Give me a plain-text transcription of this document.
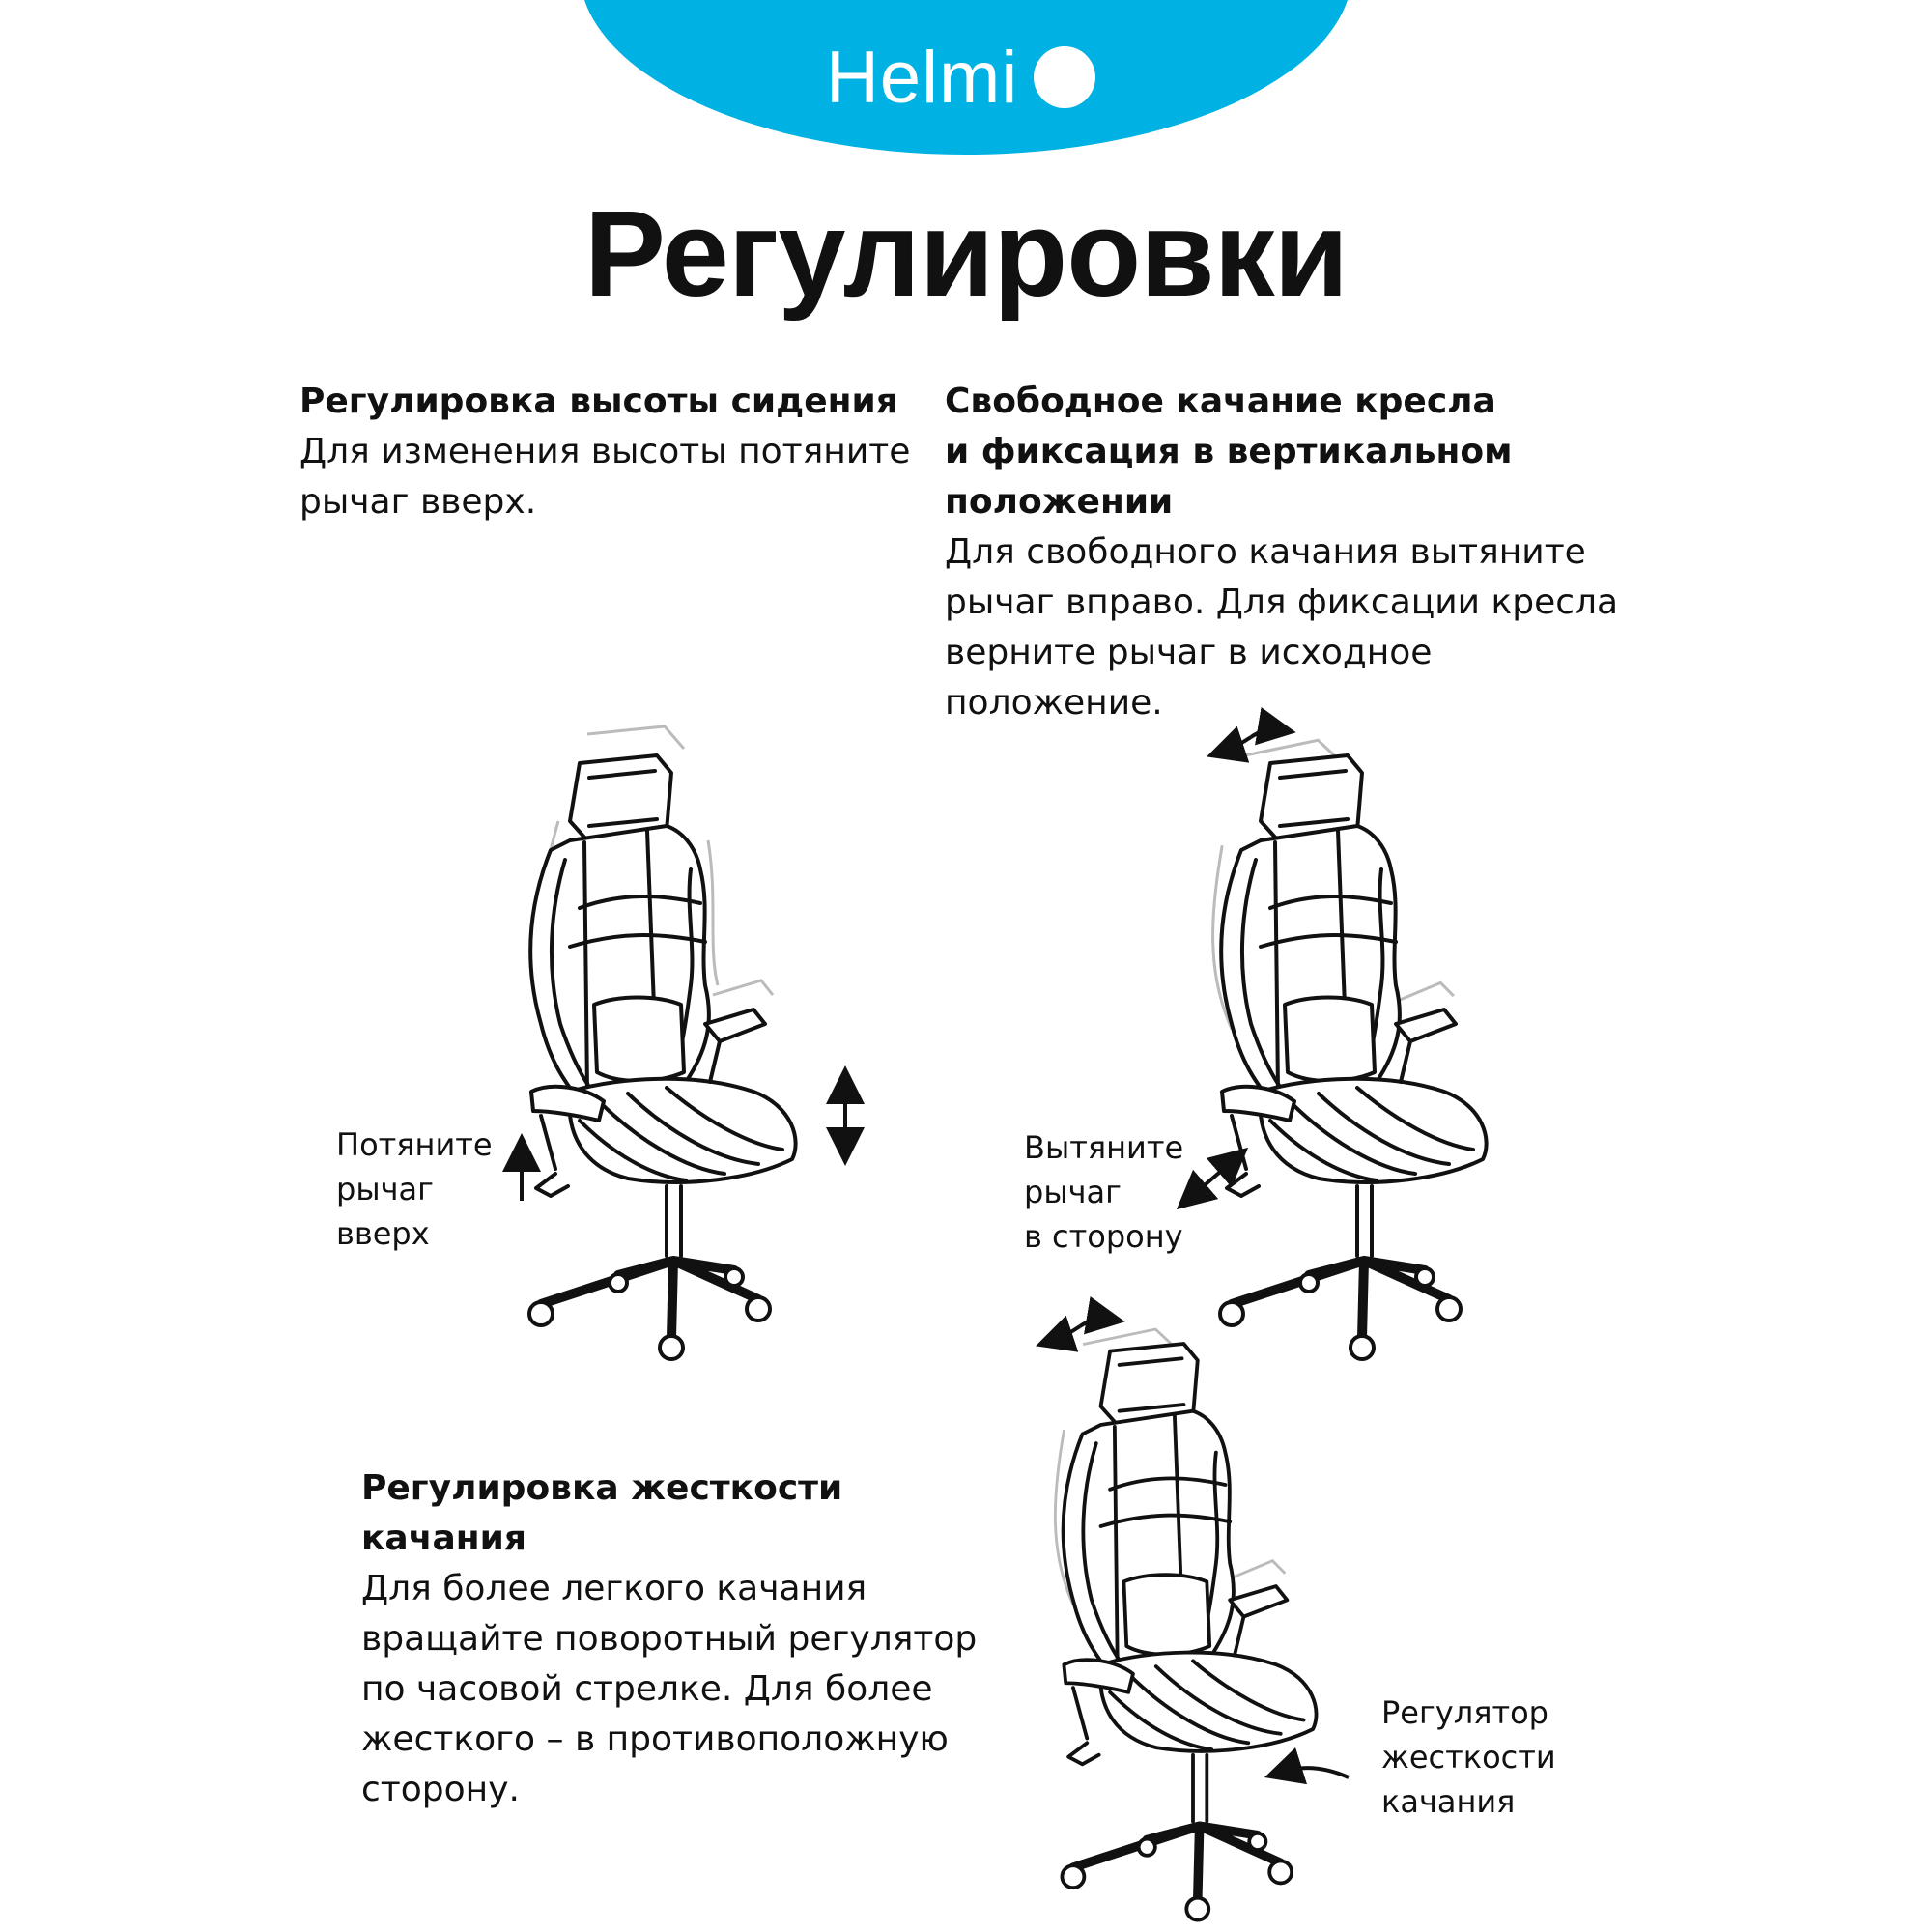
Helmi
Регулировки
Регулировка высоты сидения

Для изменения высоты потяните
рычаг вверх.

Свободное качание кресла
и фиксация в вертикальном
положении

Для свободного качания вытяните
рычаг вправо. Для фиксации кресла
верните рычаг в исходное
положение.

Регулировка жесткости качания

Для более легкого качания
вращайте поворотный регулятор
по часовой стрелке. Для более
жесткого – в противоположную
сторону.

Потяните
рычаг
вверх
Вытяните
рычаг
в сторону
Регулятор
жесткости
качания
